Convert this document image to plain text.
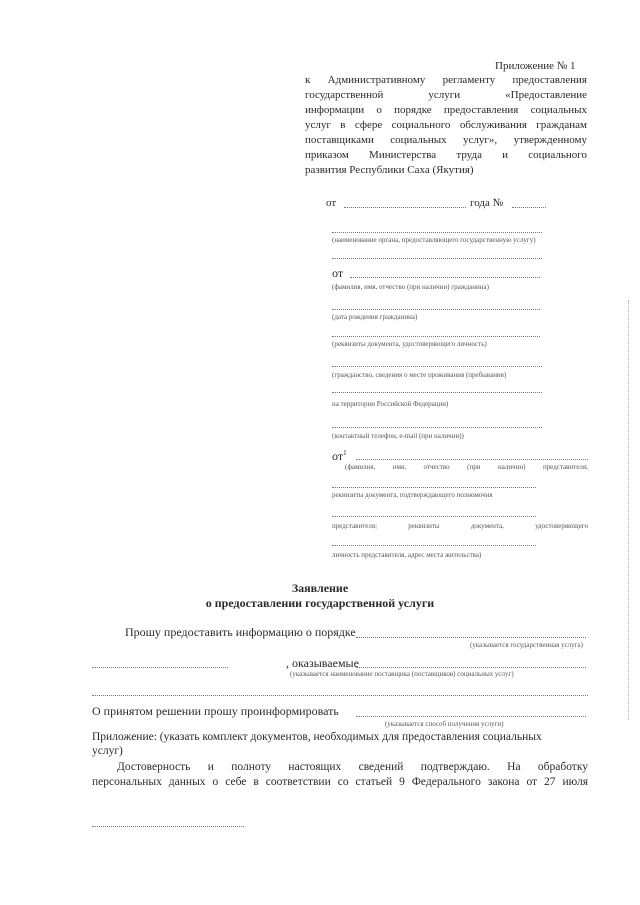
Приложение № 1
к Административному регламенту предоставления
государственной услуги «Предоставление
информации о порядке предоставления социальных
услуг в сфере социального обслуживания гражданам
поставщиками социальных услуг», утвержденному
приказом Министерства труда и социального
развития Республики Саха (Якутия)
от	года №
(наименование органа, предоставляющего государственную услугу)
от
(фамилия, имя, отчество (при наличии) гражданина)
(дата рождения гражданина)
(реквизиты документа, удостоверяющего личность)
(гражданство, сведения о месте проживания (пребывания)
на территории Российской Федерации)
(контактный телефон, e-mail (при наличии))
$от^1$
(фамилия, имя, отчество (при наличии) представителя;
реквизиты документа, подтверждающего полномочия
представителя; реквизиты документа, удостоверяющего
личность представителя, адрес места жительства)
Заявление
о предоставлении государственной услуги
Прошу предоставить информацию о порядке
(указывается государственная услуга)
, оказываемые
(указывается наименование поставщика (поставщиков) социальных услуг)
О принятом решении прошу проинформировать
(указывается способ получения услуги)
Приложение: (указать комплект документов, необходимых для предоставления социальных
услуг)
Достоверность и полноту настоящих сведений подтверждаю. На обработку
персональных данных о себе в соответствии со статьей 9 Федерального закона от 27 июля
